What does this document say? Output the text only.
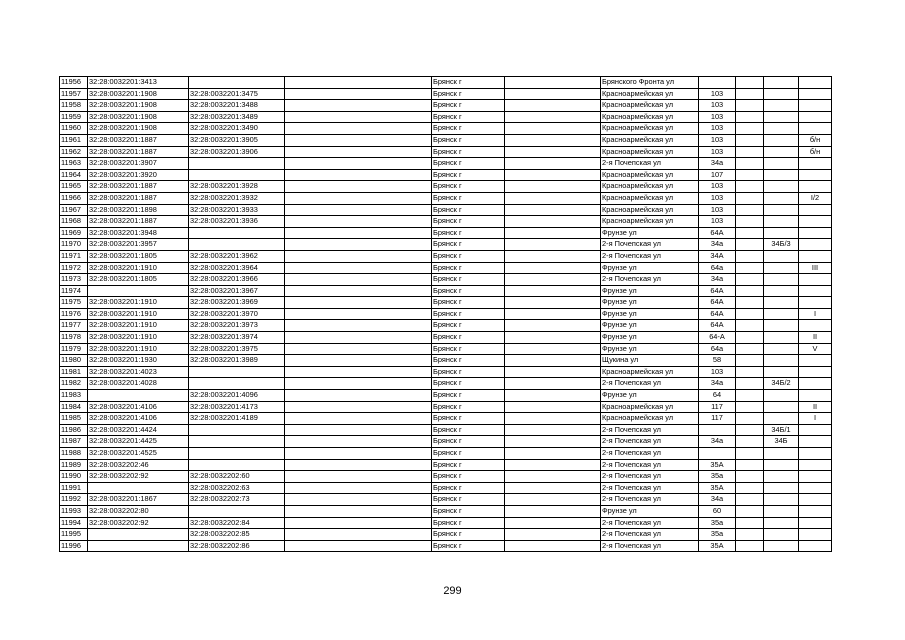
11956	32:28:0032201:3413			Брянск г		Брянского Фронта ул				
11957	32:28:0032201:1908	32:28:0032201:3475		Брянск г		Красноармейская ул	103			
11958	32:28:0032201:1908	32:28:0032201:3488		Брянск г		Красноармейская ул	103			
11959	32:28:0032201:1908	32:28:0032201:3489		Брянск г		Красноармейская ул	103			
11960	32:28:0032201:1908	32:28:0032201:3490		Брянск г		Красноармейская ул	103			
11961	32:28:0032201:1887	32:28:0032201:3905		Брянск г		Красноармейская ул	103			б/н
11962	32:28:0032201:1887	32:28:0032201:3906		Брянск г		Красноармейская ул	103			б/н
11963	32:28:0032201:3907			Брянск г		2-я Почепская ул	34а			
11964	32:28:0032201:3920			Брянск г		Красноармейская ул	107			
11965	32:28:0032201:1887	32:28:0032201:3928		Брянск г		Красноармейская ул	103			
11966	32:28:0032201:1887	32:28:0032201:3932		Брянск г		Красноармейская ул	103			I/2
11967	32:28:0032201:1898	32:28:0032201:3933		Брянск г		Красноармейская ул	103			
11968	32:28:0032201:1887	32:28:0032201:3936		Брянск г		Красноармейская ул	103			
11969	32:28:0032201:3948			Брянск г		Фрунзе ул	64А			
11970	32:28:0032201:3957			Брянск г		2-я Почепская ул	34а		34Б/3	
11971	32:28:0032201:1805	32:28:0032201:3962		Брянск г		2-я Почепская ул	34А			
11972	32:28:0032201:1910	32:28:0032201:3964		Брянск г		Фрунзе ул	64а			III
11973	32:28:0032201:1805	32:28:0032201:3966		Брянск г		2-я Почепская ул	34а			
11974		32:28:0032201:3967		Брянск г		Фрунзе ул	64А			
11975	32:28:0032201:1910	32:28:0032201:3969		Брянск г		Фрунзе ул	64А			
11976	32:28:0032201:1910	32:28:0032201:3970		Брянск г		Фрунзе ул	64А			I
11977	32:28:0032201:1910	32:28:0032201:3973		Брянск г		Фрунзе ул	64А			
11978	32:28:0032201:1910	32:28:0032201:3974		Брянск г		Фрунзе ул	64-А			II
11979	32:28:0032201:1910	32:28:0032201:3975		Брянск г		Фрунзе ул	64а			V
11980	32:28:0032201:1930	32:28:0032201:3989		Брянск г		Щукина ул	58			
11981	32:28:0032201:4023			Брянск г		Красноармейская ул	103			
11982	32:28:0032201:4028			Брянск г		2-я Почепская ул	34а		34Б/2	
11983		32:28:0032201:4096		Брянск г		Фрунзе ул	64			
11984	32:28:0032201:4106	32:28:0032201:4173		Брянск г		Красноармейская ул	117			II
11985	32:28:0032201:4106	32:28:0032201:4189		Брянск г		Красноармейская ул	117			I
11986	32:28:0032201:4424			Брянск г		2-я Почепская ул			34Б/1	
11987	32:28:0032201:4425			Брянск г		2-я Почепская ул	34а		34Б	
11988	32:28:0032201:4525			Брянск г		2-я Почепская ул				
11989	32:28:0032202:46			Брянск г		2-я Почепская ул	35А			
11990	32:28:0032202:92	32:28:0032202:60		Брянск г		2-я Почепская ул	35а			
11991		32:28:0032202:63		Брянск г		2-я Почепская ул	35А			
11992	32:28:0032201:1867	32:28:0032202:73		Брянск г		2-я Почепская ул	34а			
11993	32:28:0032202:80			Брянск г		Фрунзе ул	60			
11994	32:28:0032202:92	32:28:0032202:84		Брянск г		2-я Почепская ул	35а			
11995		32:28:0032202:85		Брянск г		2-я Почепская ул	35а			
11996		32:28:0032202:86		Брянск г		2-я Почепская ул	35А			
299
